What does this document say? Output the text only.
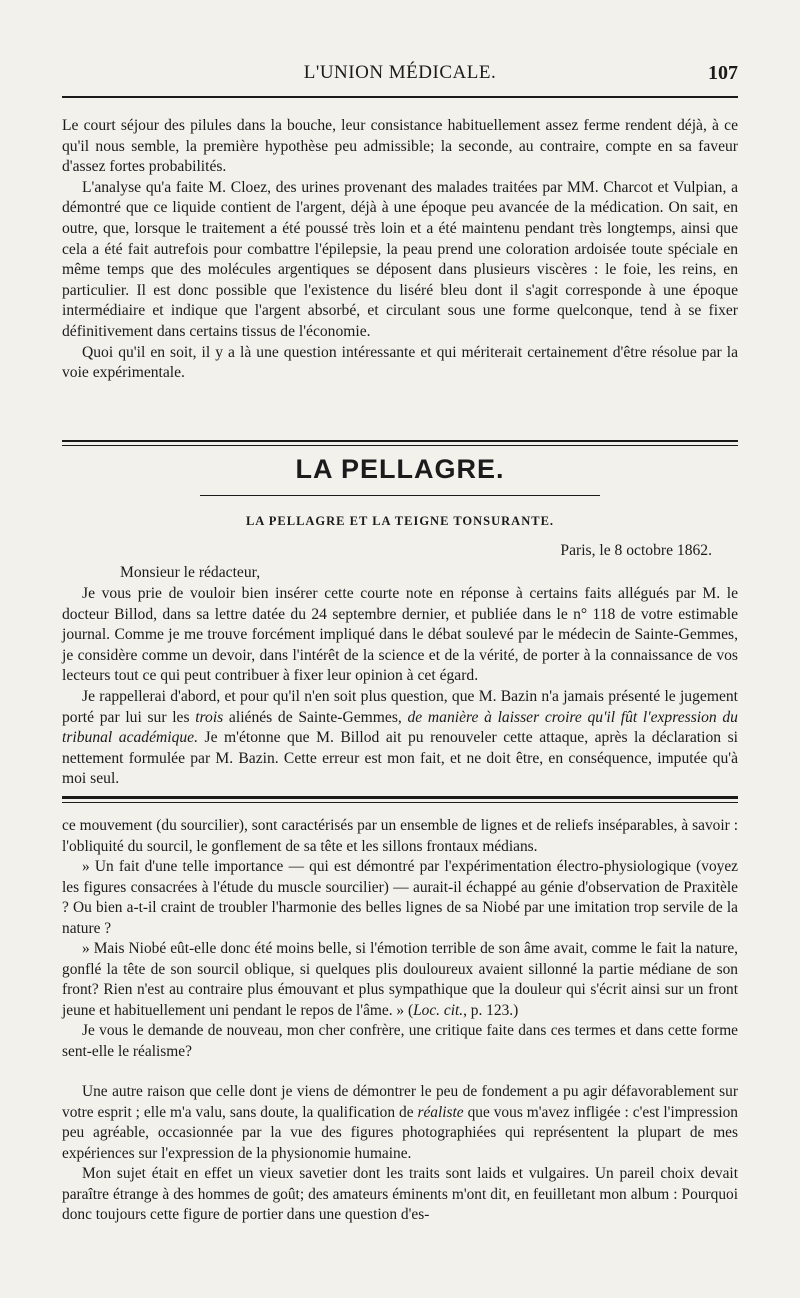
L'UNION MÉDICALE.	107

Le court séjour des pilules dans la bouche, leur consistance habituellement assez ferme rendent déjà, à ce qu'il nous semble, la première hypothèse peu admissible; la seconde, au contraire, compte en sa faveur d'assez fortes probabilités.

L'analyse qu'a faite M. Cloez, des urines provenant des malades traitées par MM. Charcot et Vulpian, a démontré que ce liquide contient de l'argent, déjà à une époque peu avancée de la médication. On sait, en outre, que, lorsque le traitement a été poussé très loin et a été maintenu pendant très longtemps, ainsi que cela a été fait autrefois pour combattre l'épilepsie, la peau prend une coloration ardoisée toute spéciale en même temps que des molécules argentiques se déposent dans plusieurs viscères : le foie, les reins, en particulier. Il est donc possible que l'existence du liséré bleu dont il s'agit corresponde à une époque intermédiaire et indique que l'argent absorbé, et circulant sous une forme quelconque, tend à se fixer définitivement dans certains tissus de l'économie.

Quoi qu'il en soit, il y a là une question intéressante et qui mériterait certainement d'être résolue par la voie expérimentale.

LA PELLAGRE.
LA PELLAGRE ET LA TEIGNE TONSURANTE.
Paris, le 8 octobre 1862.
Monsieur le rédacteur,

Je vous prie de vouloir bien insérer cette courte note en réponse à certains faits allégués par M. le docteur Billod, dans sa lettre datée du 24 septembre dernier, et publiée dans le n° 118 de votre estimable journal. Comme je me trouve forcément impliqué dans le débat soulevé par le médecin de Sainte-Gemmes, je considère comme un devoir, dans l'intérêt de la science et de la vérité, de porter à la connaissance de vos lecteurs tout ce qui peut contribuer à fixer leur opinion à cet égard.

Je rappellerai d'abord, et pour qu'il n'en soit plus question, que M. Bazin n'a jamais présenté le jugement porté par lui sur les trois aliénés de Sainte-Gemmes, de manière à laisser croire qu'il fût l'expression du tribunal académique. Je m'étonne que M. Billod ait pu renouveler cette attaque, après la déclaration si nettement formulée par M. Bazin. Cette erreur est mon fait, et ne doit être, en conséquence, imputée qu'à moi seul.

ce mouvement (du sourcilier), sont caractérisés par un ensemble de lignes et de reliefs inséparables, à savoir : l'obliquité du sourcil, le gonflement de sa tête et les sillons frontaux médians.

» Un fait d'une telle importance — qui est démontré par l'expérimentation électro-physiologique (voyez les figures consacrées à l'étude du muscle sourcilier) — aurait-il échappé au génie d'observation de Praxitèle ? Ou bien a-t-il craint de troubler l'harmonie des belles lignes de sa Niobé par une imitation trop servile de la nature ?

» Mais Niobé eût-elle donc été moins belle, si l'émotion terrible de son âme avait, comme le fait la nature, gonflé la tête de son sourcil oblique, si quelques plis douloureux avaient sillonné la partie médiane de son front? Rien n'est au contraire plus émouvant et plus sympathique que la douleur qui s'écrit ainsi sur un front jeune et habituellement uni pendant le repos de l'âme. » (Loc. cit., p. 123.)

Je vous le demande de nouveau, mon cher confrère, une critique faite dans ces termes et dans cette forme sent-elle le réalisme?

Une autre raison que celle dont je viens de démontrer le peu de fondement a pu agir défavorablement sur votre esprit ; elle m'a valu, sans doute, la qualification de réaliste que vous m'avez infligée : c'est l'impression peu agréable, occasionnée par la vue des figures photographiées qui représentent la plupart de mes expériences sur l'expression de la physionomie humaine.

Mon sujet était en effet un vieux savetier dont les traits sont laids et vulgaires. Un pareil choix devait paraître étrange à des hommes de goût; des amateurs éminents m'ont dit, en feuilletant mon album : Pourquoi donc toujours cette figure de portier dans une question d'es-
